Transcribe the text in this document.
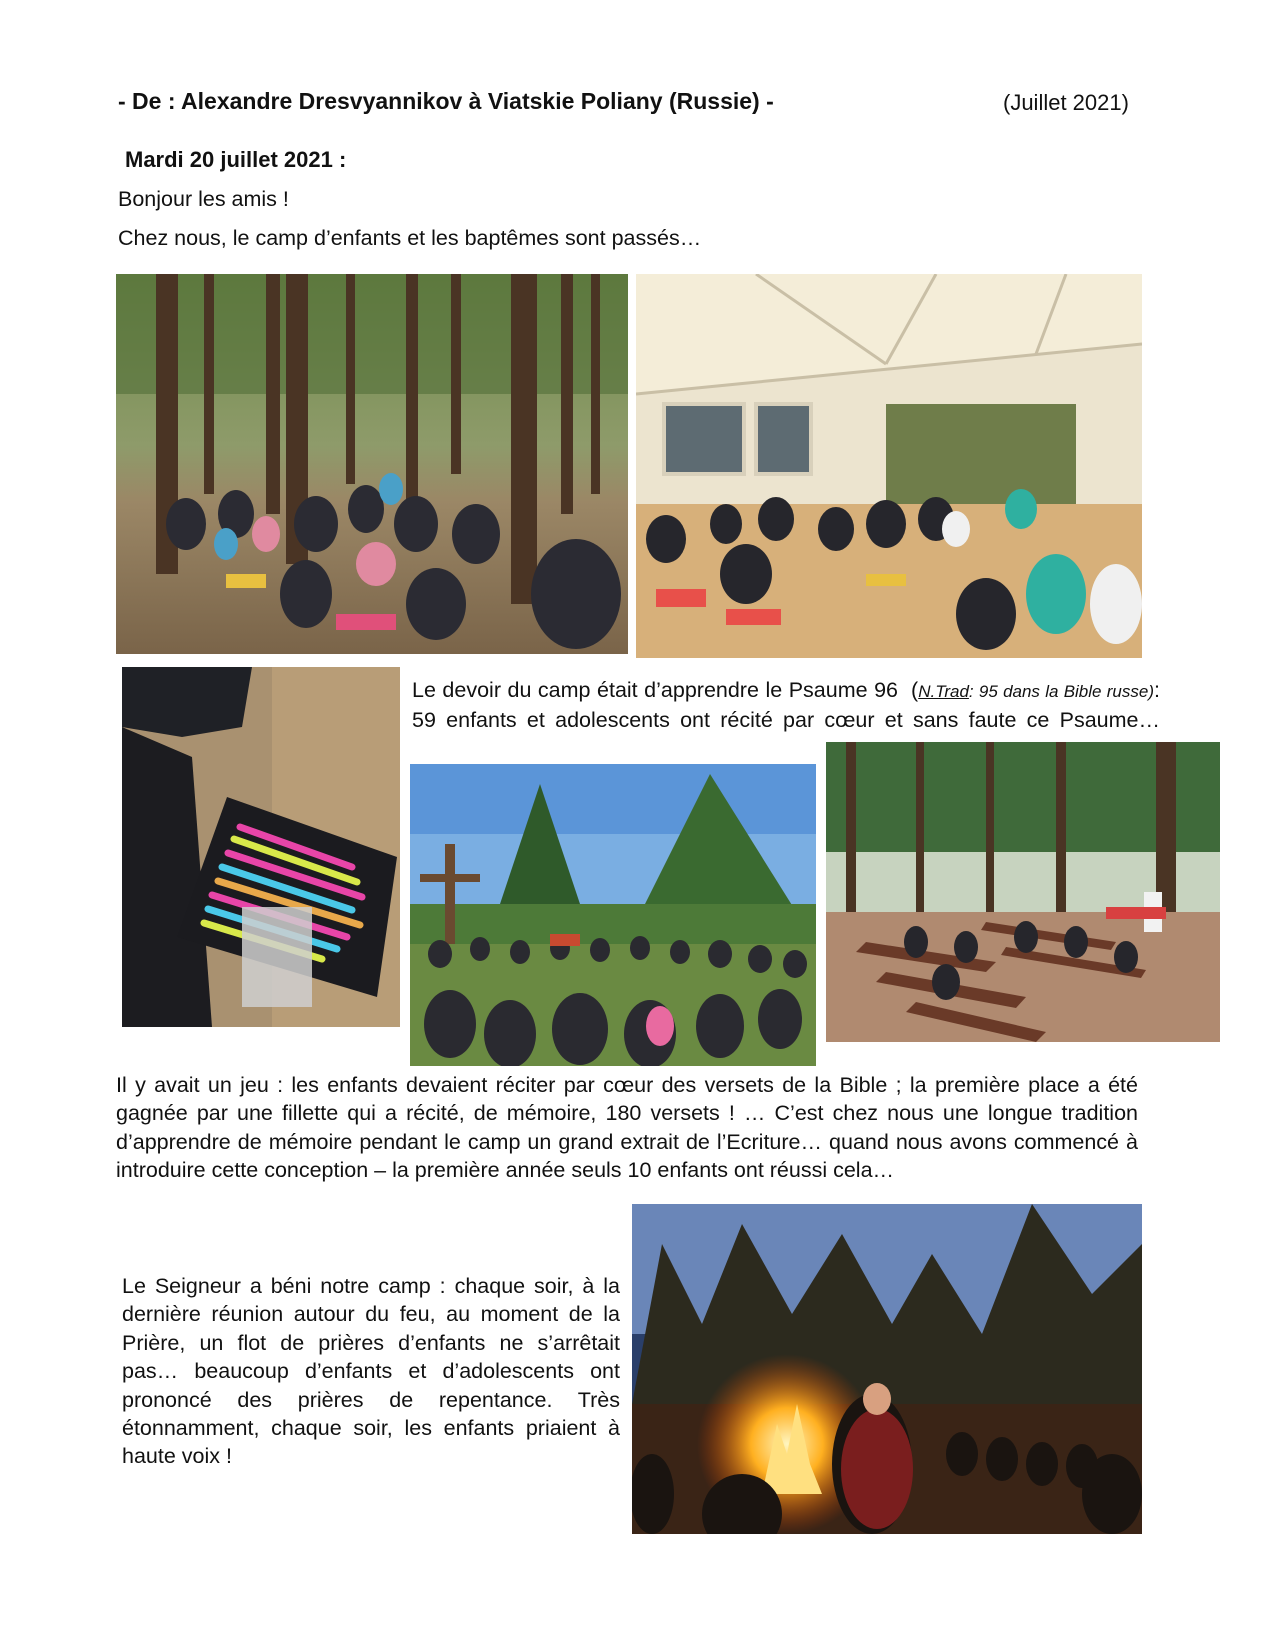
- De : Alexandre Dresvyannikov à Viatskie Poliany (Russie) -	(Juillet 2021)
Mardi 20 juillet 2021 :
Bonjour les amis !
Chez nous, le camp d’enfants et les baptêmes sont passés…
Le devoir du camp était d’apprendre le Psaume 96 (N.Trad: 95 dans la Bible russe): 59 enfants et adolescents ont récité par cœur et sans faute ce Psaume…
Il y avait un jeu : les enfants devaient réciter par cœur des versets de la Bible ; la première place a été gagnée par une fillette qui a récité, de mémoire, 180 versets ! … C’est chez nous une longue tradition d’apprendre de mémoire pendant le camp un grand extrait de l’Ecriture… quand nous avons commencé à introduire cette conception – la première année seuls 10 enfants ont réussi cela…
Le Seigneur a béni notre camp : chaque soir, à la dernière réunion autour du feu, au moment de la Prière, un flot de prières d’enfants ne s’arrêtait pas… beaucoup d’enfants et d’adolescents ont prononcé des prières de repentance. Très étonnamment, chaque soir, les enfants priaient à haute voix !
